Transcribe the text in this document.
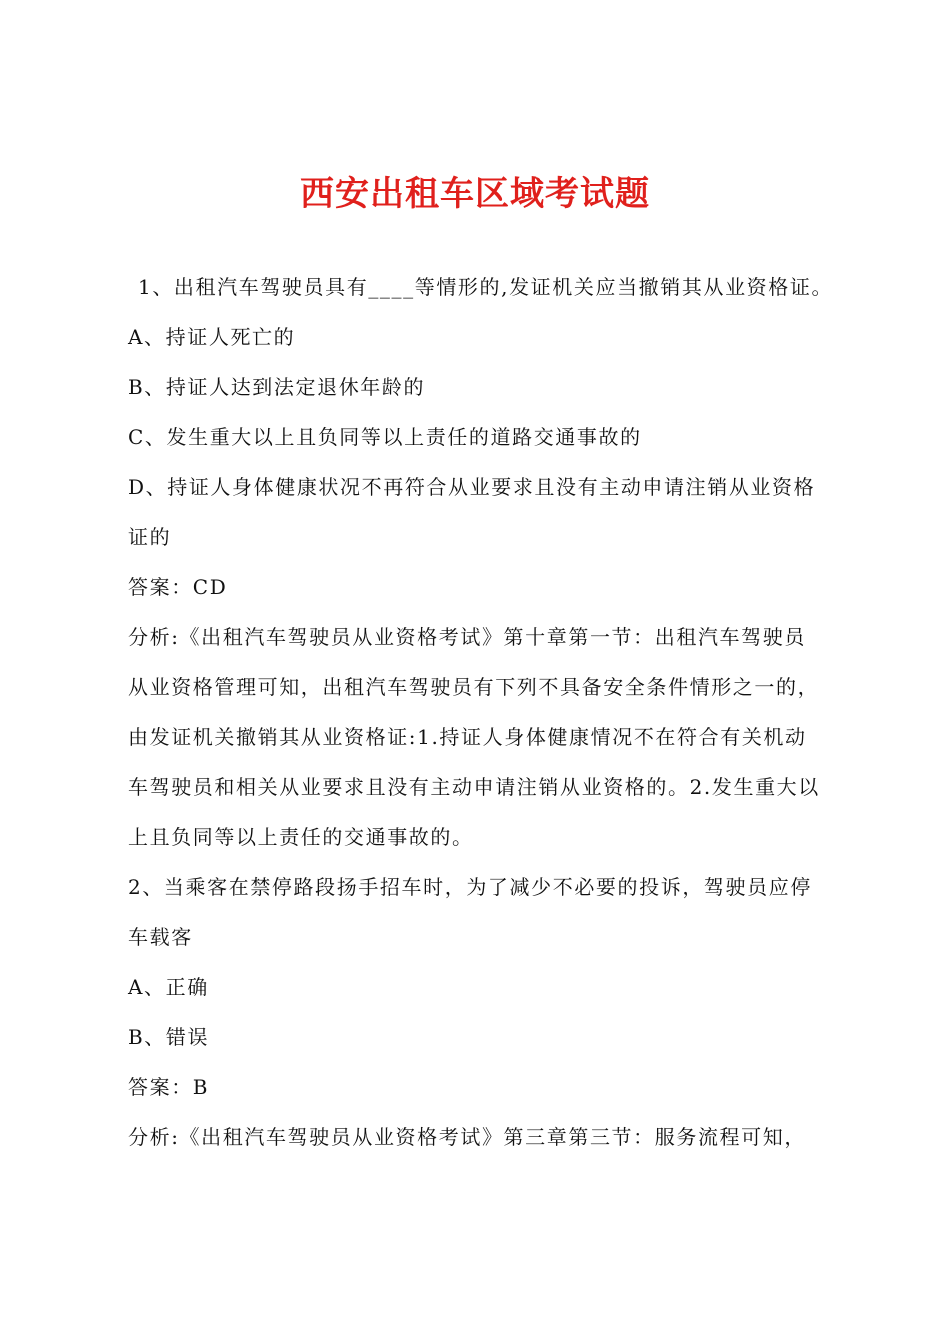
西安出租车区域考试题
1、出租汽车驾驶员具有____等情形的,发证机关应当撤销其从业资格证。
A、持证人死亡的
B、持证人达到法定退休年龄的
C、发生重大以上且负同等以上责任的道路交通事故的
D、持证人身体健康状况不再符合从业要求且没有主动申请注销从业资格
证的
答案：CD
分析:《出租汽车驾驶员从业资格考试》第十章第一节：出租汽车驾驶员
从业资格管理可知，出租汽车驾驶员有下列不具备安全条件情形之一的，
由发证机关撤销其从业资格证:1.持证人身体健康情况不在符合有关机动
车驾驶员和相关从业要求且没有主动申请注销从业资格的。2.发生重大以
上且负同等以上责任的交通事故的。
2、当乘客在禁停路段扬手招车时，为了减少不必要的投诉，驾驶员应停
车载客
A、正确
B、错误
答案：B
分析:《出租汽车驾驶员从业资格考试》第三章第三节：服务流程可知，
